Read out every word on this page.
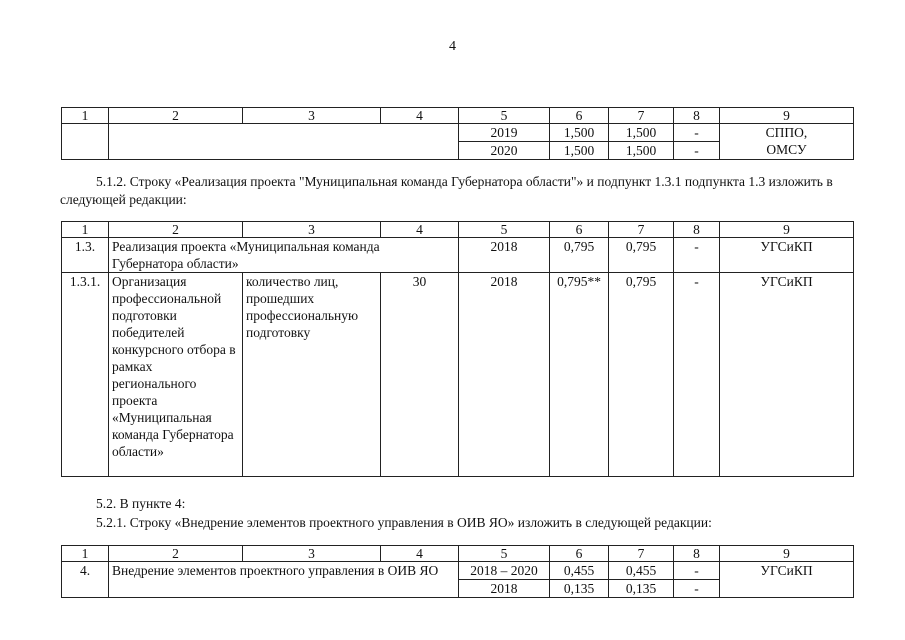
4
1	2	3	4	5	6	7	8	9
				2019	1,500	1,500	-	СППО,
ОМСУ
				2020	1,500	1,500	-	
5.1.2. Строку «Реализация проекта "Муниципальная команда Губернатора области"» и подпункт 1.3.1 подпункта 1.3 изложить в следующей редакции:
1	2	3	4	5	6	7	8	9
1.3.	Реализация проекта «Муниципальная команда Губернатора области»			2018	0,795	0,795	-	УГСиКП
1.3.1.	Организация профессиональной подготовки победителей конкурсного отбора в рамках регионального проекта «Муниципальная команда Губернатора области»	количество лиц, прошедших профессиональную подготовку	30	2018	0,795**	0,795	-	УГСиКП
5.2. В пункте 4:
5.2.1. Строку «Внедрение элементов проектного управления в ОИВ ЯО» изложить в следующей редакции:
1	2	3	4	5	6	7	8	9
4.	Внедрение элементов проектного управления в ОИВ ЯО			2018 – 2020	0,455	0,455	-	УГСиКП
				2018	0,135	0,135	-	
